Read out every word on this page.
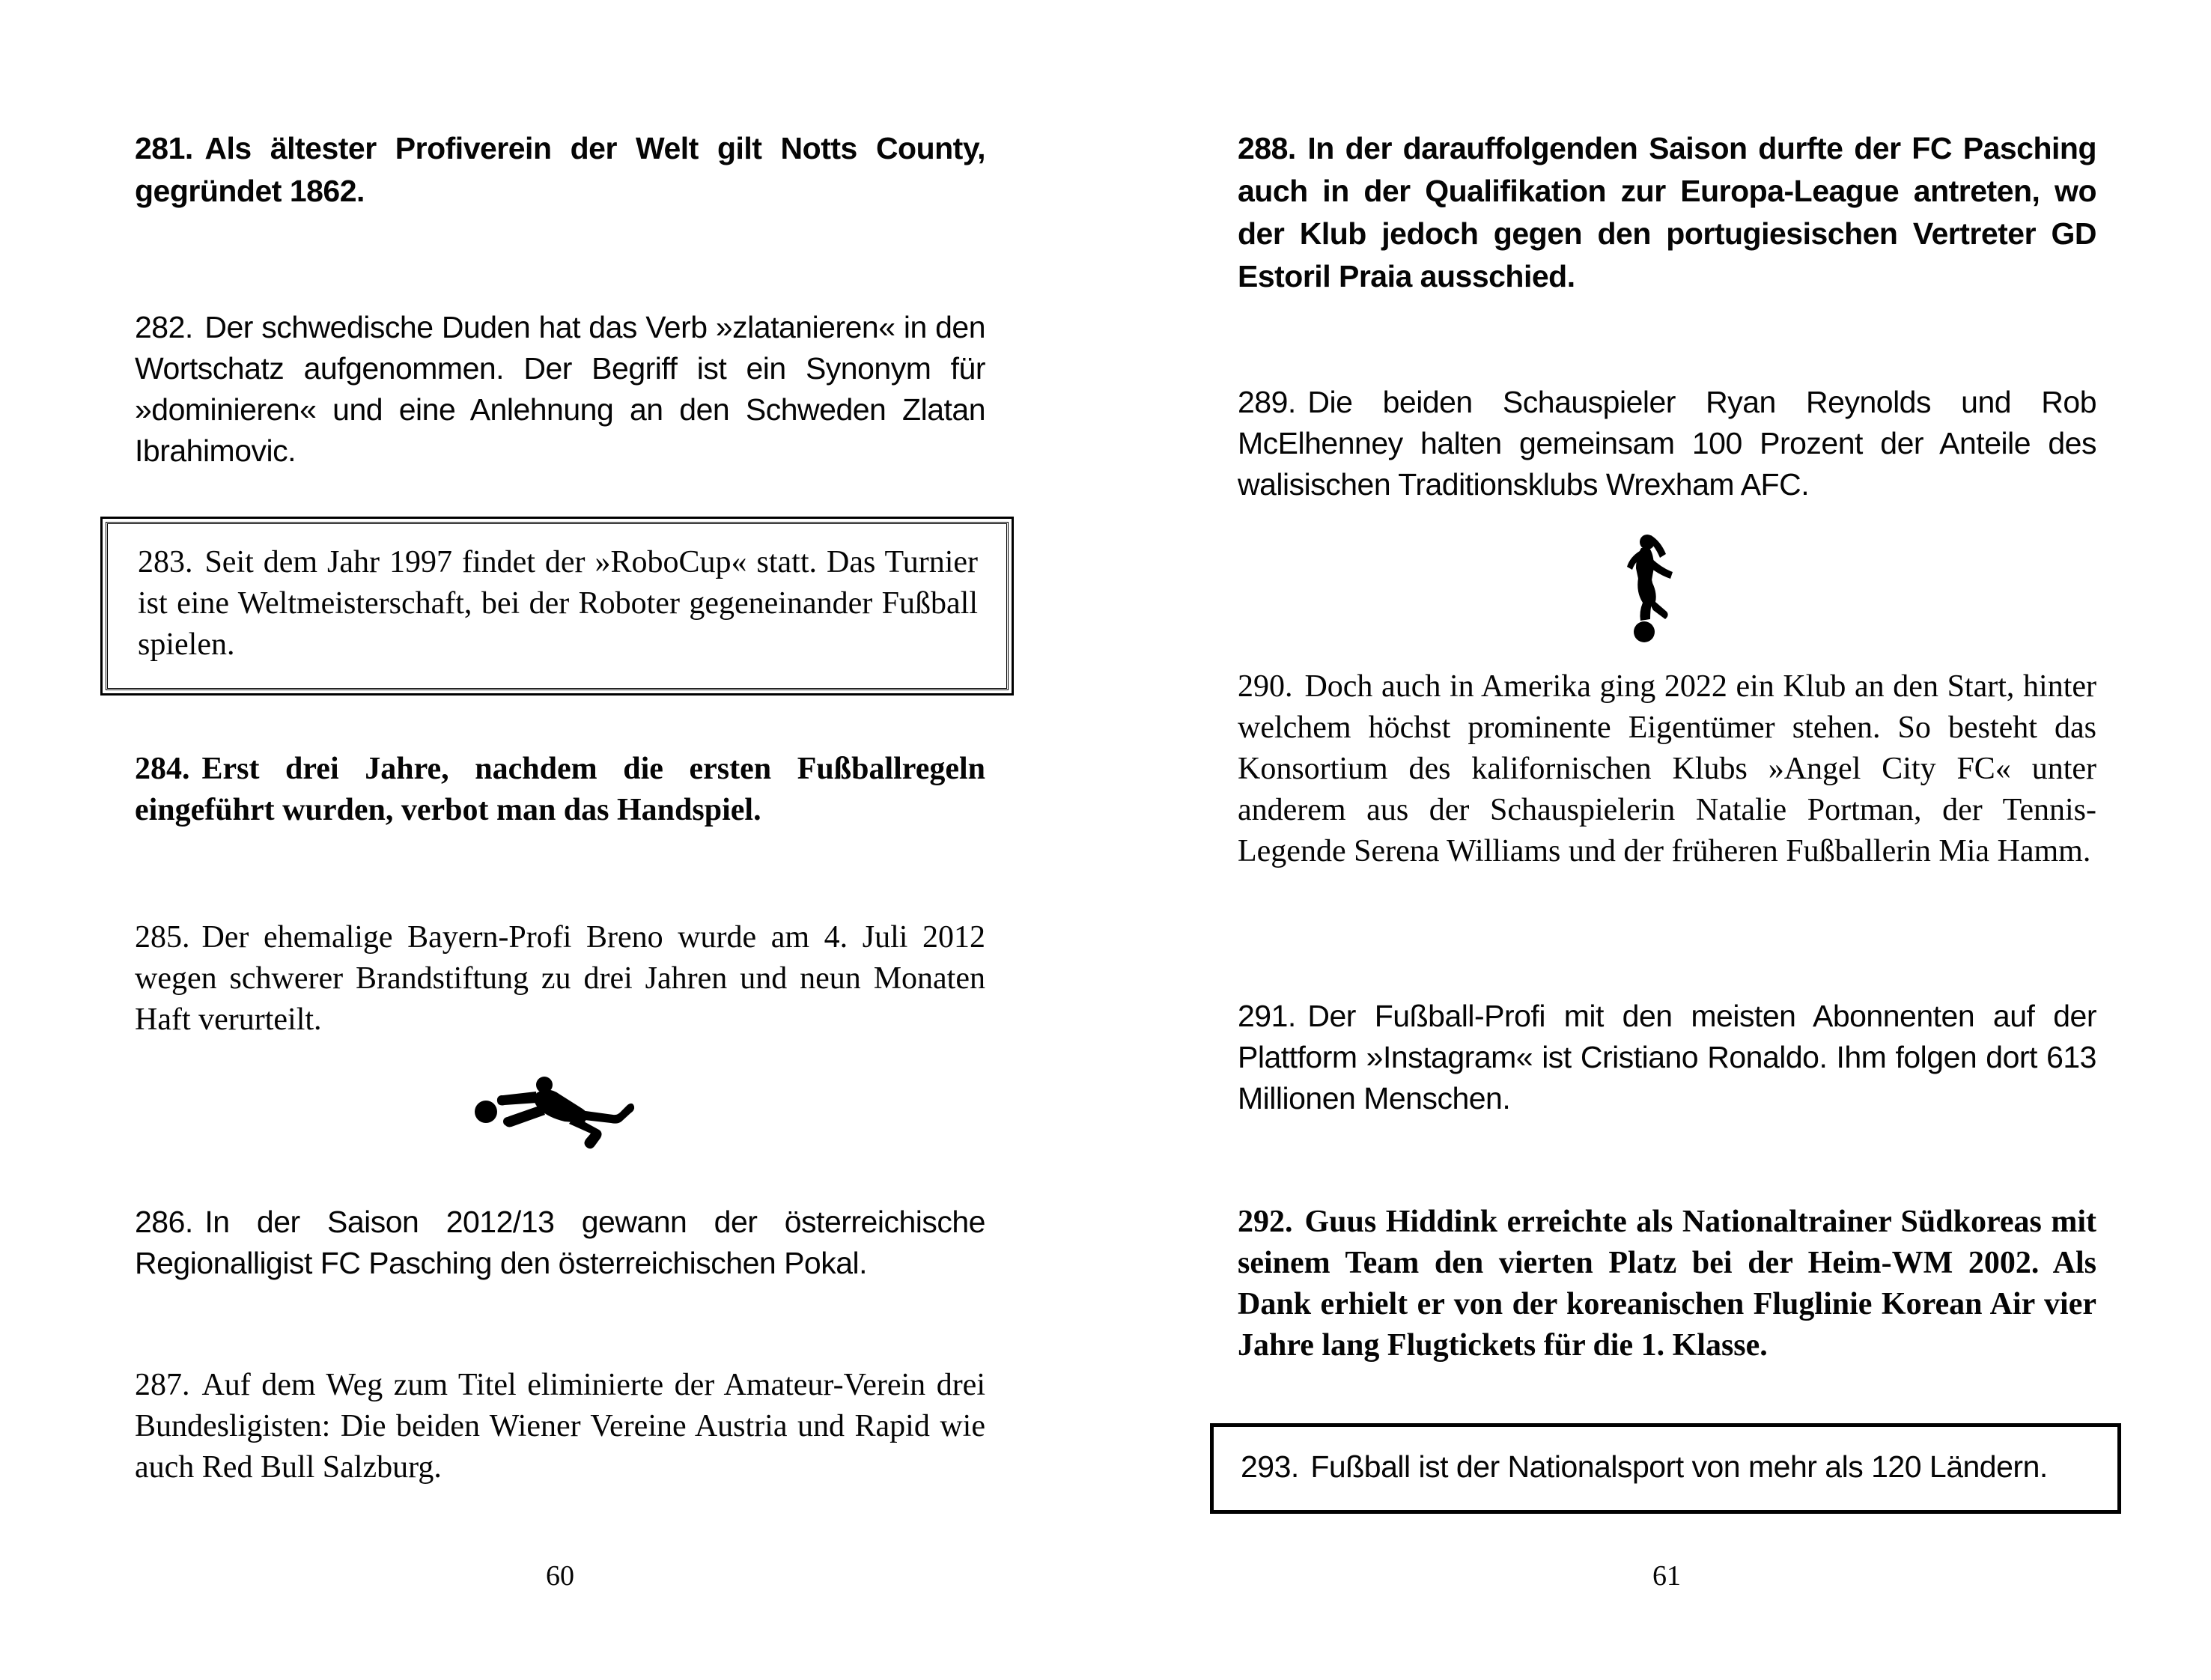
281. Als ältester Profiverein der Welt gilt Notts County, gegründet 1862.
282. Der schwedische Duden hat das Verb »zlatanieren« in den Wortschatz aufgenommen. Der Begriff ist ein Synonym für »dominieren« und eine Anlehnung an den Schweden Zlatan Ibrahimovic.
283. Seit dem Jahr 1997 findet der »RoboCup« statt. Das Turnier ist eine Weltmeisterschaft, bei der Roboter gegeneinander Fußball spielen.
284. Erst drei Jahre, nachdem die ersten Fußballregeln eingeführt wurden, verbot man das Handspiel.
285. Der ehemalige Bayern-Profi Breno wurde am 4. Juli 2012 wegen schwerer Brandstiftung zu drei Jahren und neun Monaten Haft verurteilt.
286. In der Saison 2012/13 gewann der österreichische Regionalligist FC Pasching den österreichischen Pokal.
287. Auf dem Weg zum Titel eliminierte der Amateur-Verein drei Bundesligisten: Die beiden Wiener Vereine Austria und Rapid wie auch Red Bull Salzburg.
60
288. In der darauffolgenden Saison durfte der FC Pasching auch in der Qualifikation zur Europa-League antreten, wo der Klub jedoch gegen den portugiesischen Vertreter GD Estoril Praia ausschied.
289. Die beiden Schauspieler Ryan Reynolds und Rob McElhenney halten gemeinsam 100 Prozent der Anteile des walisischen Traditionsklubs Wrexham AFC.
290. Doch auch in Amerika ging 2022 ein Klub an den Start, hinter welchem höchst prominente Eigentümer stehen. So besteht das Konsortium des kalifornischen Klubs »Angel City FC« unter anderem aus der Schauspielerin Natalie Portman, der Tennis-Legende Serena Williams und der früheren Fußballerin Mia Hamm.
291. Der Fußball-Profi mit den meisten Abonnenten auf der Plattform »Instagram« ist Cristiano Ronaldo. Ihm folgen dort 613 Millionen Menschen.
292. Guus Hiddink erreichte als Nationaltrainer Südkoreas mit seinem Team den vierten Platz bei der Heim-WM 2002. Als Dank erhielt er von der koreanischen Fluglinie Korean Air vier Jahre lang Flugtickets für die 1. Klasse.
293. Fußball ist der Nationalsport von mehr als 120 Ländern.
61
